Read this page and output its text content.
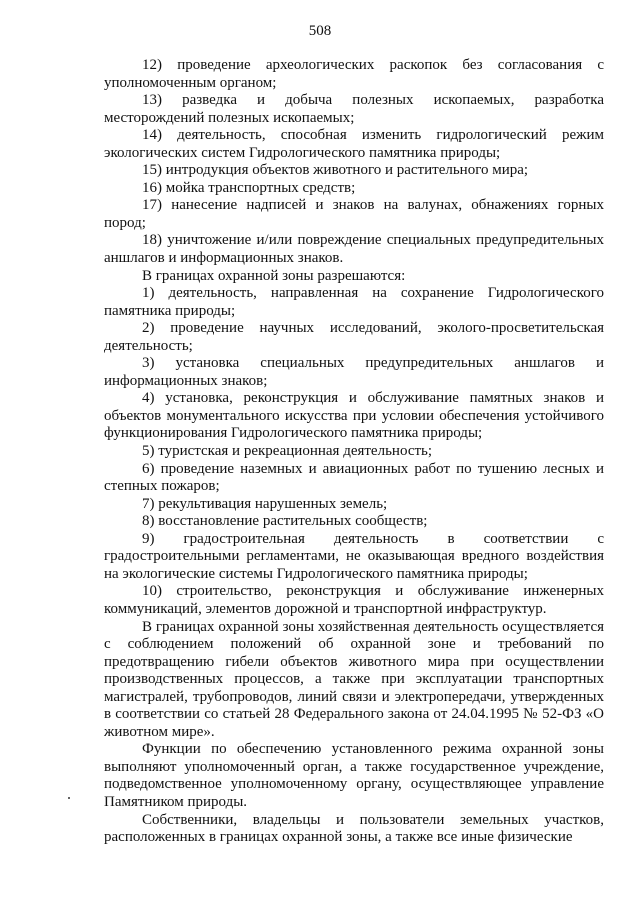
508

12) проведение археологических раскопок без согласования с уполномоченным органом;

13) разведка и добыча полезных ископаемых, разработка месторождений полезных ископаемых;

14) деятельность, способная изменить гидрологический режим экологических систем Гидрологического памятника природы;

15) интродукция объектов животного и растительного мира;

16) мойка транспортных средств;

17) нанесение надписей и знаков на валунах, обнажениях горных пород;

18) уничтожение и/или повреждение специальных предупредительных аншлагов и информационных знаков.

В границах охранной зоны разрешаются:

1) деятельность, направленная на сохранение Гидрологического памятника природы;

2) проведение научных исследований, эколого-просветительская деятельность;

3) установка специальных предупредительных аншлагов и информационных знаков;

4) установка, реконструкция и обслуживание памятных знаков и объектов монументального искусства при условии обеспечения устойчивого функционирования Гидрологического памятника природы;

5) туристская и рекреационная деятельность;

6) проведение наземных и авиационных работ по тушению лесных и степных пожаров;

7) рекультивация нарушенных земель;

8) восстановление растительных сообществ;

9) градостроительная деятельность в соответствии с градостроительными регламентами, не оказывающая вредного воздействия на экологические системы Гидрологического памятника природы;

10) строительство, реконструкция и обслуживание инженерных коммуникаций, элементов дорожной и транспортной инфраструктур.

В границах охранной зоны хозяйственная деятельность осуществляется с соблюдением положений об охранной зоне и требований по предотвращению гибели объектов животного мира при осуществлении производственных процессов, а также при эксплуатации транспортных магистралей, трубопроводов, линий связи и электропередачи, утвержденных в соответствии со статьей 28 Федерального закона от 24.04.1995 № 52-ФЗ «О животном мире».

Функции по обеспечению установленного режима охранной зоны выполняют уполномоченный орган, а также государственное учреждение, подведомственное уполномоченному органу, осуществляющее управление Памятником природы.

Собственники, владельцы и пользователи земельных участков, расположенных в границах охранной зоны, а также все иные физические
